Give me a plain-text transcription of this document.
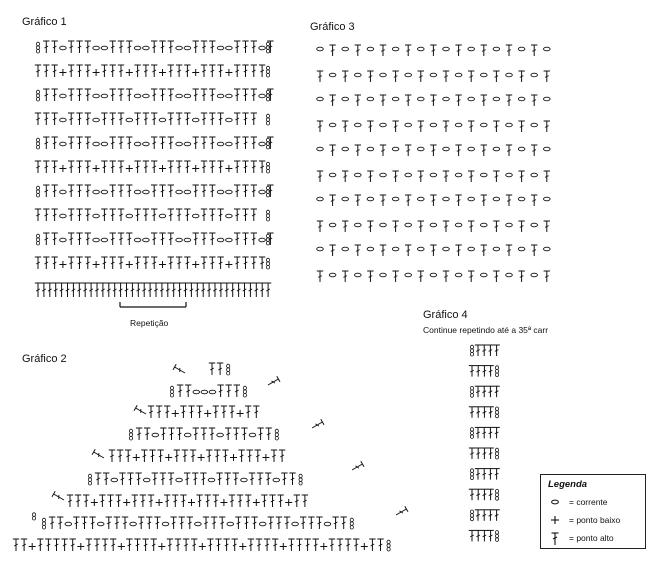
Gráfico 1	Gráfico 3
Gráfico 2
Gráfico 4
Continue repetindo até a 35ª carr
Repetição
Legenda
= corrente
= ponto baixo
= ponto alto
